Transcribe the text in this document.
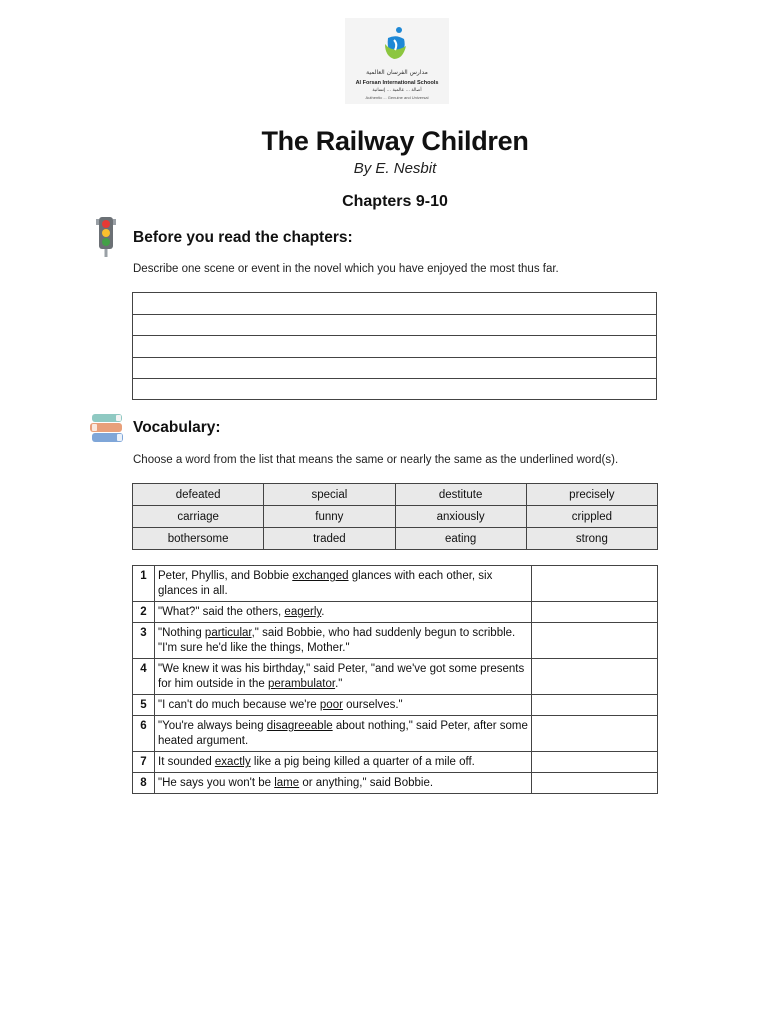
مدارس الفرسان العالمية
Al Forsan International Schools
أصالة ... عالمية ... إنسانية
Authentic ... Genuine and Universal
The Railway Children
By E. Nesbit
Chapters 9-10
Before you read the chapters:
Describe one scene or event in the novel which you have enjoyed the most thus far.
Vocabulary:
Choose a word from the list that means the same or nearly the same as the underlined word(s).
defeated	special	destitute	precisely
carriage	funny	anxiously	crippled
bothersome	traded	eating	strong
1	Peter, Phyllis, and Bobbie exchanged glances with each other, six glances in all.	
2	"What?" said the others, eagerly.	
3	"Nothing particular," said Bobbie, who had suddenly begun to scribble. "I'm sure he'd like the things, Mother."	
4	"We knew it was his birthday," said Peter, "and we've got some presents for him outside in the perambulator."	
5	"I can't do much because we're poor ourselves."	
6	"You're always being disagreeable about nothing," said Peter, after some heated argument.	
7	It sounded exactly like a pig being killed a quarter of a mile off.	
8	"He says you won't be lame or anything," said Bobbie.	
